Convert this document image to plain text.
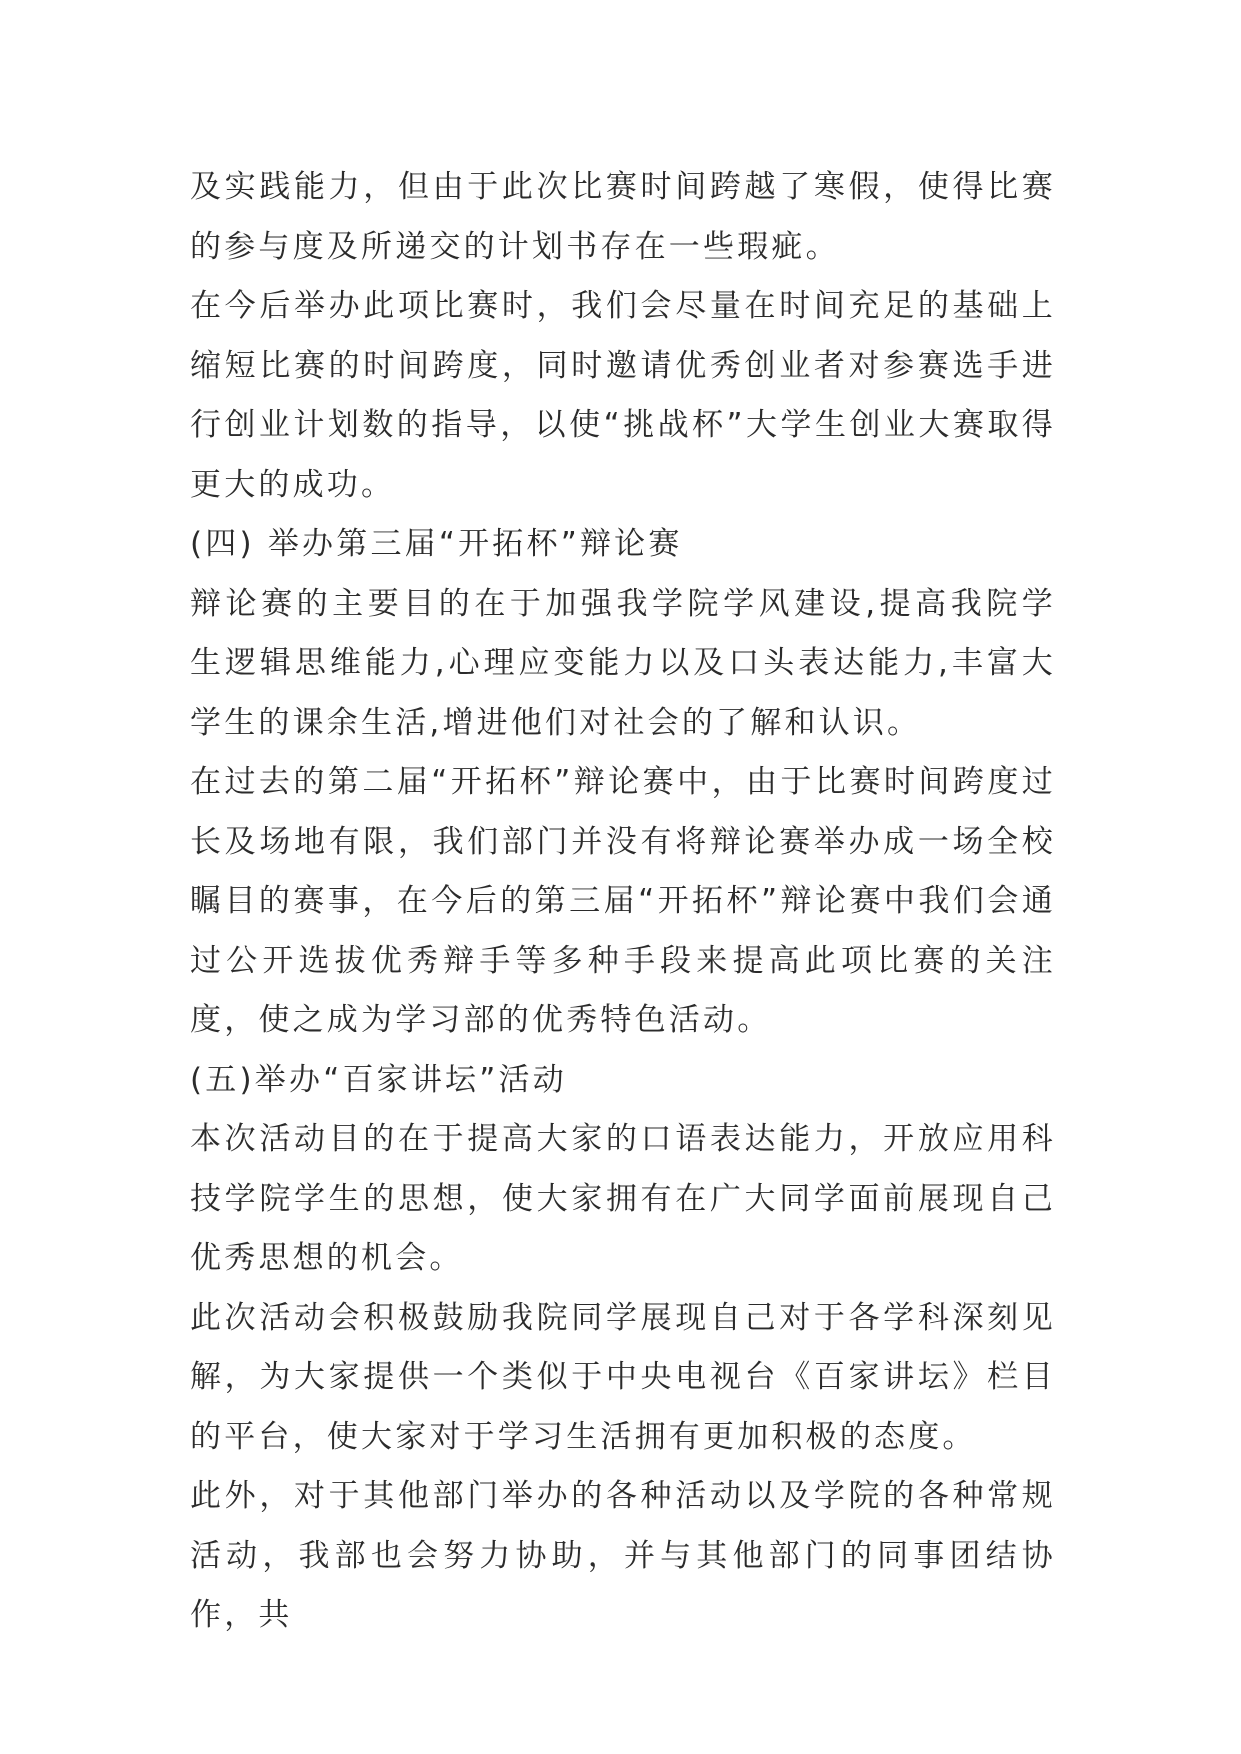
及实践能力，但由于此次比赛时间跨越了寒假，使得比赛的参与度及所递交的计划书存在一些瑕疵。

在今后举办此项比赛时，我们会尽量在时间充足的基础上缩短比赛的时间跨度，同时邀请优秀创业者对参赛选手进行创业计划数的指导，以使“挑战杯”大学生创业大赛取得更大的成功。

(四) 举办第三届“开拓杯”辩论赛

辩论赛的主要目的在于加强我学院学风建设,提高我院学生逻辑思维能力,心理应变能力以及口头表达能力,丰富大学生的课余生活,增进他们对社会的了解和认识。

在过去的第二届“开拓杯”辩论赛中，由于比赛时间跨度过长及场地有限，我们部门并没有将辩论赛举办成一场全校瞩目的赛事，在今后的第三届“开拓杯”辩论赛中我们会通过公开选拔优秀辩手等多种手段来提高此项比赛的关注度，使之成为学习部的优秀特色活动。

(五)举办“百家讲坛”活动

本次活动目的在于提高大家的口语表达能力，开放应用科技学院学生的思想，使大家拥有在广大同学面前展现自己优秀思想的机会。

此次活动会积极鼓励我院同学展现自己对于各学科深刻见解，为大家提供一个类似于中央电视台《百家讲坛》栏目的平台，使大家对于学习生活拥有更加积极的态度。

此外，对于其他部门举办的各种活动以及学院的各种常规活动，我部也会努力协助，并与其他部门的同事团结协作，共
